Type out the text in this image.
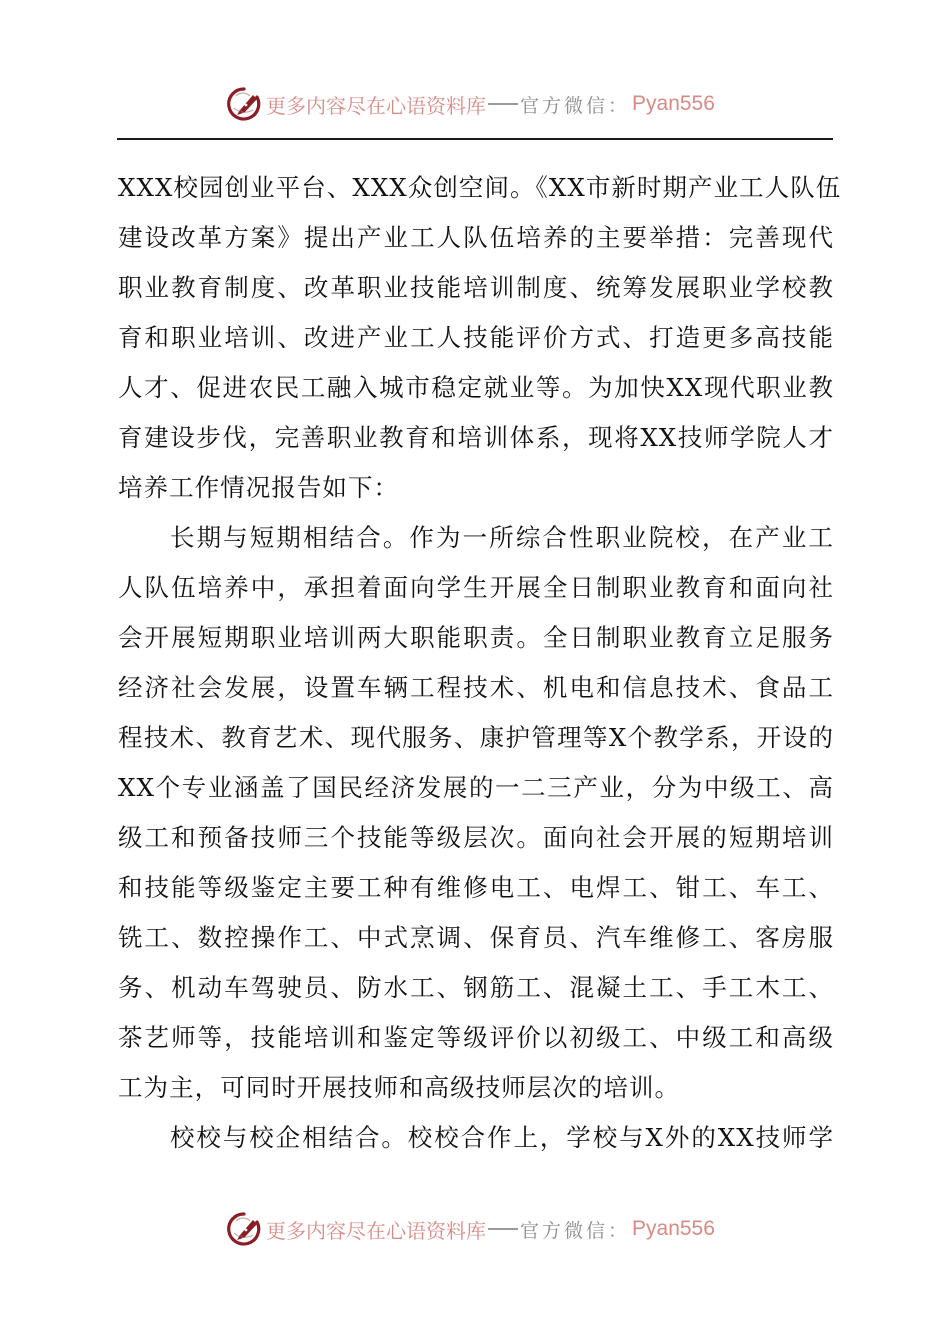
更多内容尽在心语资料库 官方微信： Pyan556
XXX校园创业平台、XXX众创空间。《XX市新时期产业工人队伍
建设改革方案》提出产业工人队伍培养的主要举措：完善现代
职业教育制度、改革职业技能培训制度、统筹发展职业学校教
育和职业培训、改进产业工人技能评价方式、打造更多高技能
人才、促进农民工融入城市稳定就业等。为加快XX现代职业教
育建设步伐，完善职业教育和培训体系，现将XX技师学院人才
培养工作情况报告如下：
长期与短期相结合。作为一所综合性职业院校，在产业工
人队伍培养中，承担着面向学生开展全日制职业教育和面向社
会开展短期职业培训两大职能职责。全日制职业教育立足服务
经济社会发展，设置车辆工程技术、机电和信息技术、食品工
程技术、教育艺术、现代服务、康护管理等X个教学系，开设的
XX个专业涵盖了国民经济发展的一二三产业，分为中级工、高
级工和预备技师三个技能等级层次。面向社会开展的短期培训
和技能等级鉴定主要工种有维修电工、电焊工、钳工、车工、
铣工、数控操作工、中式烹调、保育员、汽车维修工、客房服
务、机动车驾驶员、防水工、钢筋工、混凝土工、手工木工、
茶艺师等，技能培训和鉴定等级评价以初级工、中级工和高级
工为主，可同时开展技师和高级技师层次的培训。
校校与校企相结合。校校合作上，学校与X外的XX技师学
更多内容尽在心语资料库 官方微信： Pyan556
